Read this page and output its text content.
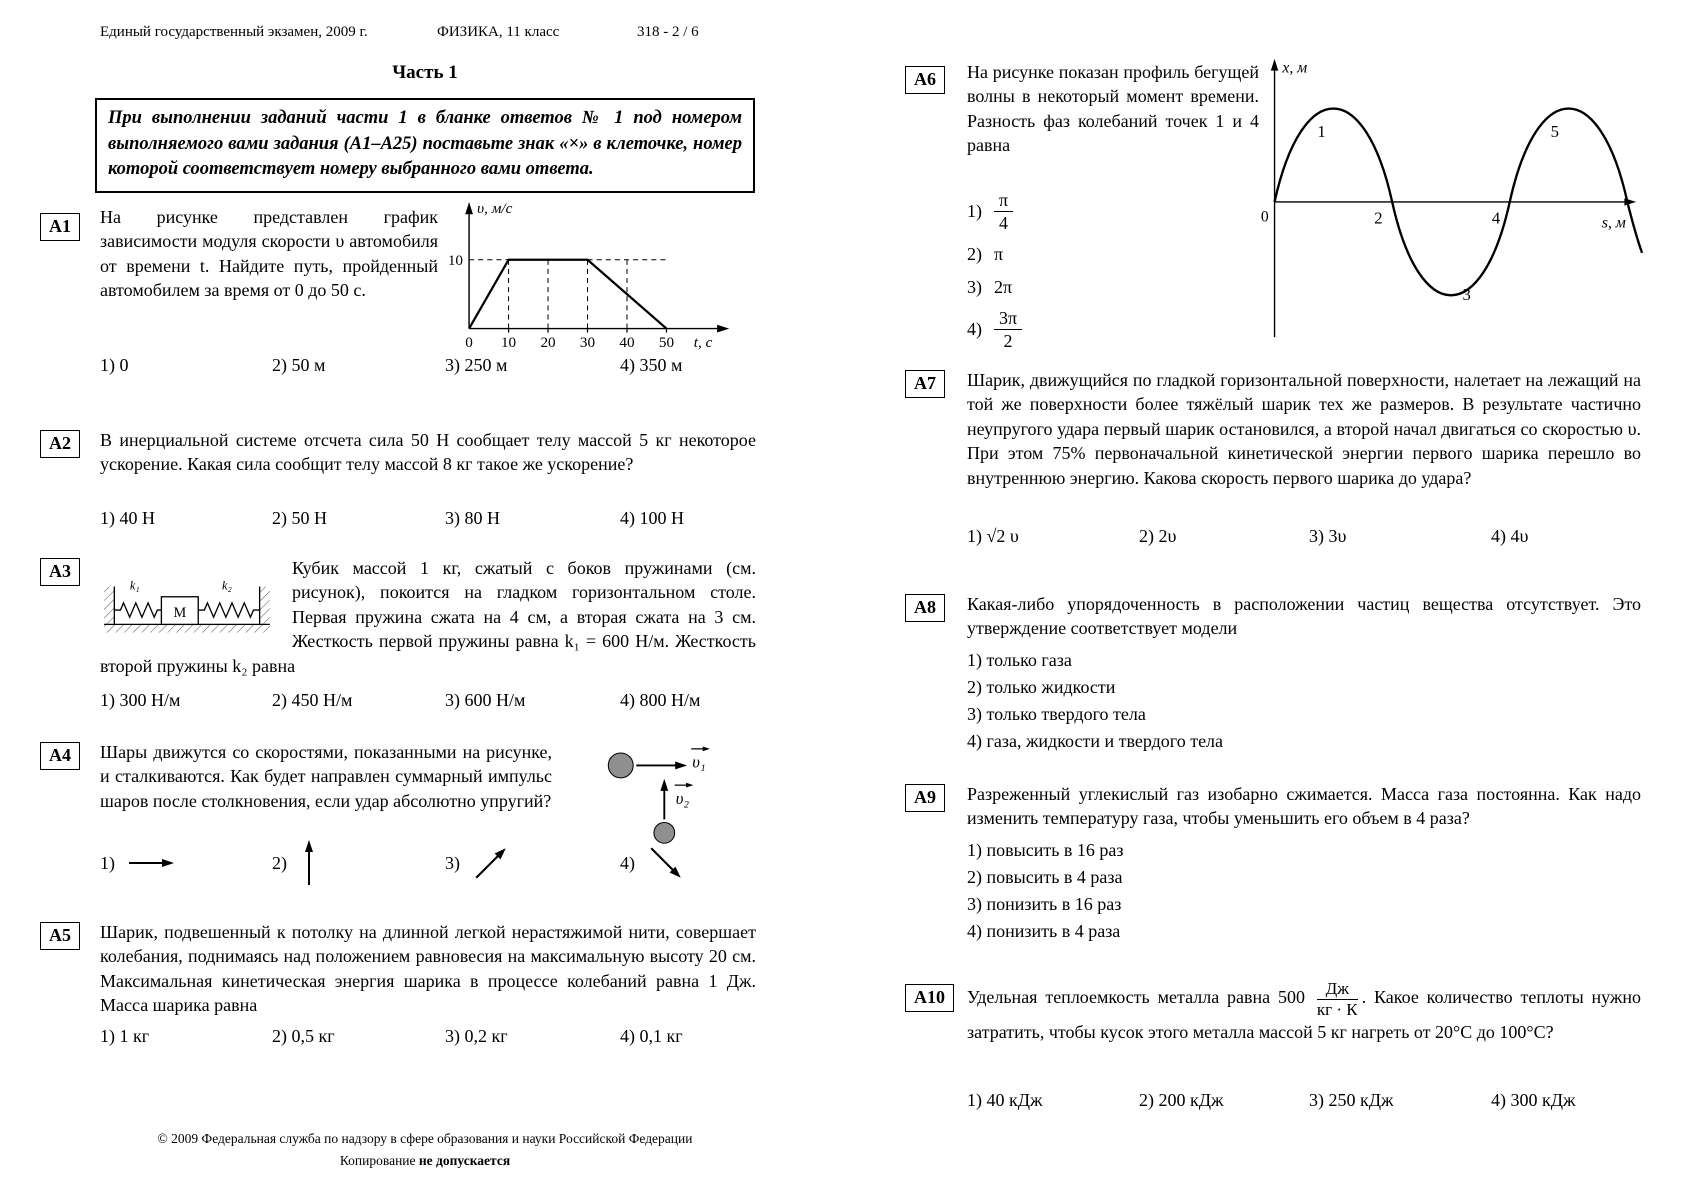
Единый государственный экзамен, 2009 г.	ФИЗИКА, 11 класс	318 - 2 / 6
Часть 1
При выполнении заданий части 1 в бланке ответов № 1 под номером выполняемого вами задания (А1–А25) поставьте знак «×» в клеточке, номер которой соответствует номеру выбранного вами ответа.
А1	На рисунке представлен график зависимости модуля скорости υ автомобиля от времени t. Найдите путь, пройденный автомобилем за время от 0 до 50 с.

υ, м/с
10
0 10 20 30 40 50 t, c
1) 0	2) 50 м	3) 250 м	4) 350 м
А2	В инерциальной системе отсчета сила 50 Н сообщает телу массой 5 кг некоторое ускорение. Какая сила сообщит телу массой 8 кг такое же ускорение?

1) 40 Н	2) 50 Н	3) 80 Н	4) 100 Н
А3
М
k₁	k₂
Кубик массой 1 кг, сжатый с боков пружинами (см. рисунок), покоится на гладком горизонтальном столе. Первая пружина сжата на 4 см, а вторая сжата на 3 см. Жесткость первой пружины равна k₁ = 600 Н/м. Жесткость второй пружины k₂ равна
1) 300 Н/м	2) 450 Н/м	3) 600 Н/м	4) 800 Н/м
А4	Шары движутся со скоростями, показанными на рисунке, и сталкиваются. Как будет направлен суммарный импульс шаров после столкновения, если удар абсолютно упругий?

υ₁
υ₂
1)	2)	3)	4)
А5	Шарик, подвешенный к потолку на длинной легкой нерастяжимой нити, совершает колебания, поднимаясь над положением равновесия на максимальную высоту 20 см. Максимальная кинетическая энергия шарика в процессе колебаний равна 1 Дж. Масса шарика равна

1) 1 кг	2) 0,5 кг	3) 0,2 кг	4) 0,1 кг
© 2009 Федеральная служба по надзору в сфере образования и науки Российской Федерации
Копирование не допускается
А6	На рисунке показан профиль бегущей волны в некоторый момент времени. Разность фаз колебаний точек 1 и 4 равна

$1) \frac{\pi}{4}$
2) π
3) 2π
$4) \frac{3\pi}{2}$
x, м
s, м
0
1
2
3
4
5
А7	Шарик, движущийся по гладкой горизонтальной поверхности, налетает на лежащий на той же поверхности более тяжёлый шарик тех же размеров. В результате частично неупругого удара первый шарик остановился, а второй начал двигаться со скоростью υ. При этом 75% первоначальной кинетической энергии первого шарика перешло во внутреннюю энергию. Какова скорость первого шарика до удара?

1) √2 υ	2) 2υ	3) 3υ	4) 4υ
А8	Какая-либо упорядоченность в расположении частиц вещества отсутствует. Это утверждение соответствует модели

1) только газа
2) только жидкости
3) только твердого тела
4) газа, жидкости и твердого тела
А9	Разреженный углекислый газ изобарно сжимается. Масса газа постоянна. Как надо изменить температуру газа, чтобы уменьшить его объем в 4 раза?

1) повысить в 16 раз
2) повысить в 4 раза
3) понизить в 16 раз
4) понизить в 4 раза
А10	Удельная теплоемкость металла равна 500	Дж
кг · К
. Какое количество теплоты нужно затратить, чтобы кусок этого металла массой 5 кг нагреть от 20°С до 100°С?

1) 40 кДж	2) 200 кДж	3) 250 кДж	4) 300 кДж
